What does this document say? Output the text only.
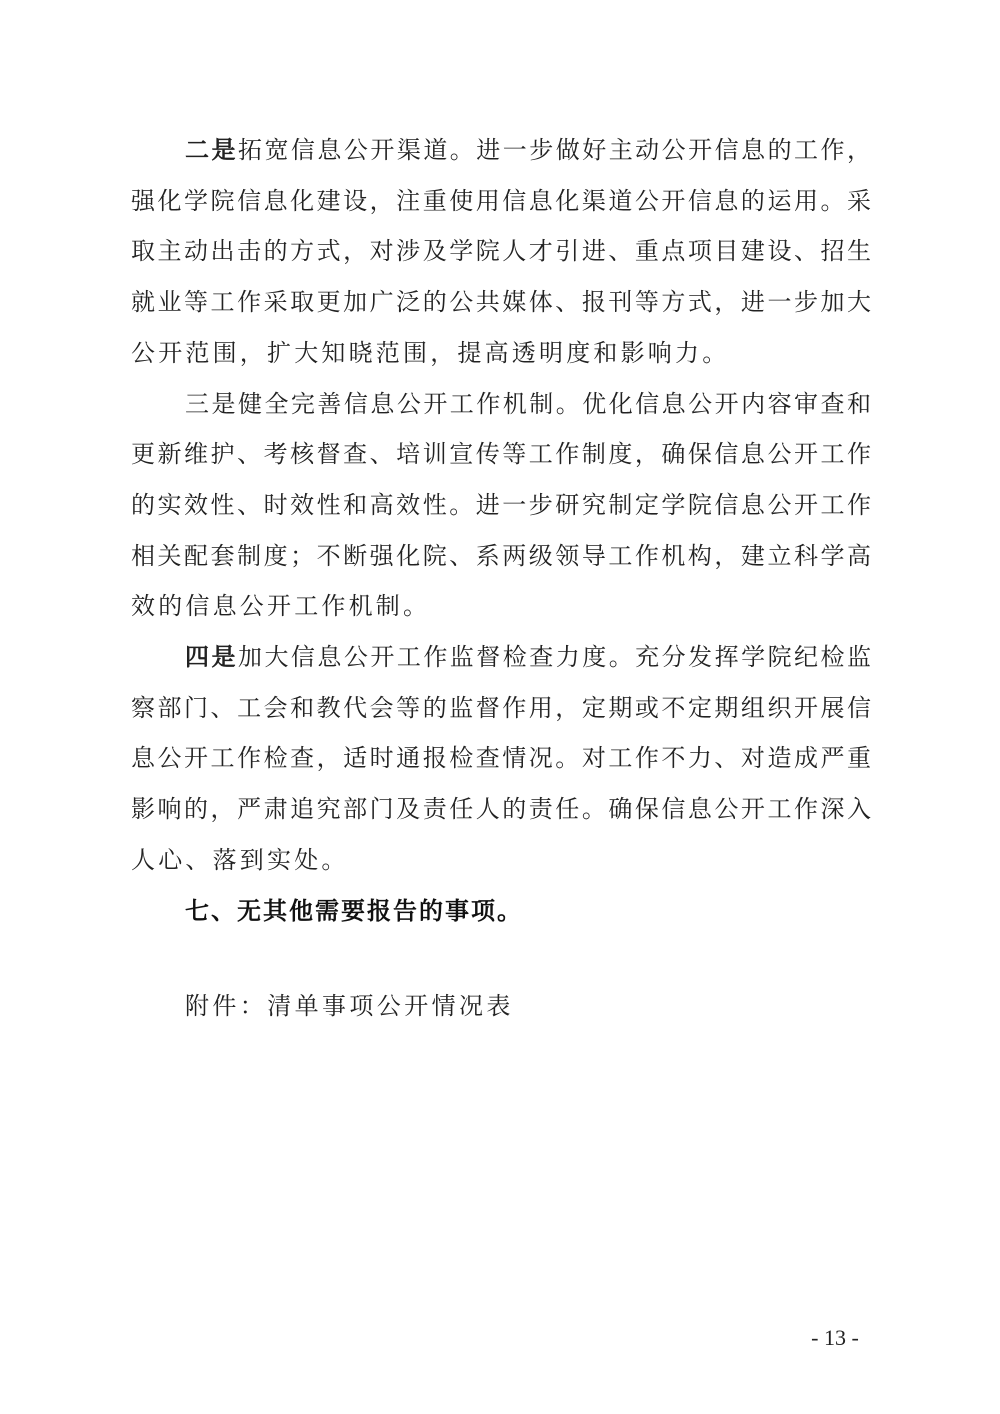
二是拓宽信息公开渠道。进一步做好主动公开信息的工作，
强化学院信息化建设，注重使用信息化渠道公开信息的运用。采
取主动出击的方式，对涉及学院人才引进、重点项目建设、招生
就业等工作采取更加广泛的公共媒体、报刊等方式，进一步加大
公开范围，扩大知晓范围，提高透明度和影响力。
三是健全完善信息公开工作机制。优化信息公开内容审查和
更新维护、考核督查、培训宣传等工作制度，确保信息公开工作
的实效性、时效性和高效性。进一步研究制定学院信息公开工作
相关配套制度；不断强化院、系两级领导工作机构，建立科学高
效的信息公开工作机制。
四是加大信息公开工作监督检查力度。充分发挥学院纪检监
察部门、工会和教代会等的监督作用，定期或不定期组织开展信
息公开工作检查，适时通报检查情况。对工作不力、对造成严重
影响的，严肃追究部门及责任人的责任。确保信息公开工作深入
人心、落到实处。
七、无其他需要报告的事项。
附件：清单事项公开情况表
- 13 -
